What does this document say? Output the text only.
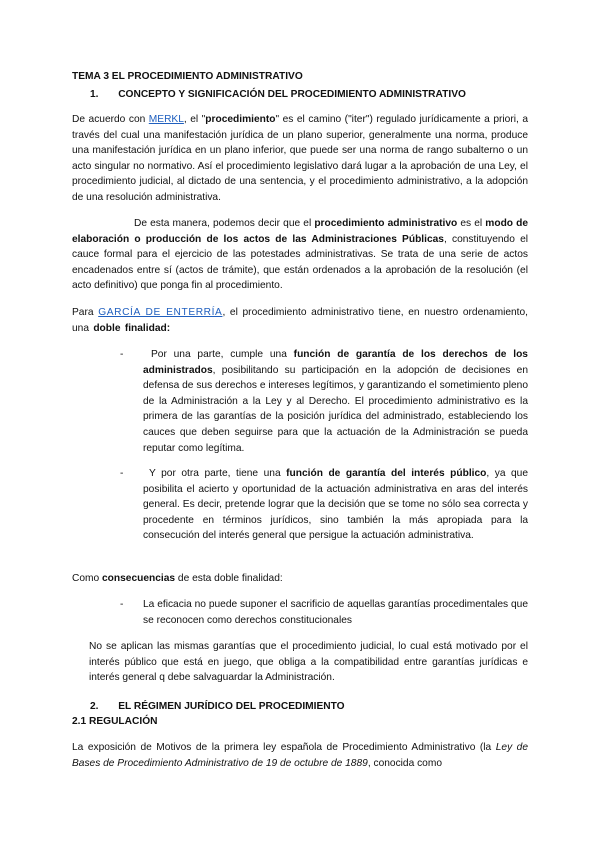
TEMA 3 EL PROCEDIMIENTO ADMINISTRATIVO
1. CONCEPTO Y SIGNIFICACIÓN DEL PROCEDIMIENTO ADMINISTRATIVO
De acuerdo con MERKL, el "procedimiento" es el camino ("iter") regulado jurídicamente a priori, a través del cual una manifestación jurídica de un plano superior, generalmente una norma, produce una manifestación jurídica en un plano inferior, que puede ser una norma de rango subalterno o un acto singular no normativo. Así el procedimiento legislativo dará lugar a la aprobación de una Ley, el procedimiento judicial, al dictado de una sentencia, y el procedimiento administrativo, a la adopción de una resolución administrativa.
De esta manera, podemos decir que el procedimiento administrativo es el modo de elaboración o producción de los actos de las Administraciones Públicas, constituyendo el cauce formal para el ejercicio de las potestades administrativas. Se trata de una serie de actos encadenados entre sí (actos de trámite), que están ordenados a la aprobación de la resolución (el acto definitivo) que ponga fin al procedimiento.
Para GARCÍA DE ENTERRÍA, el procedimiento administrativo tiene, en nuestro ordenamiento, una doble finalidad:
-	Por una parte, cumple una función de garantía de los derechos de los administrados, posibilitando su participación en la adopción de decisiones en defensa de sus derechos e intereses legítimos, y garantizando el sometimiento pleno de la Administración a la Ley y al Derecho. El procedimiento administrativo es la primera de las garantías de la posición jurídica del administrado, estableciendo los cauces que deben seguirse para que la actuación de la Administración se pueda reputar como legítima.
-	Y por otra parte, tiene una función de garantía del interés público, ya que posibilita el acierto y oportunidad de la actuación administrativa en aras del interés general. Es decir, pretende lograr que la decisión que se tome no sólo sea correcta y procedente en términos jurídicos, sino también la más apropiada para la consecución del interés general que persigue la actuación administrativa.
Como consecuencias de esta doble finalidad:
- La eficacia no puede suponer el sacrificio de aquellas garantías procedimentales que se reconocen como derechos constitucionales
No se aplican las mismas garantías que el procedimiento judicial, lo cual está motivado por el interés público que está en juego, que obliga a la compatibilidad entre garantías jurídicas e interés general q debe salvaguardar la Administración.
2. EL RÉGIMEN JURÍDICO DEL PROCEDIMIENTO
2.1 REGULACIÓN
La exposición de Motivos de la primera ley española de Procedimiento Administrativo (la Ley de Bases de Procedimiento Administrativo de 19 de octubre de 1889, conocida como
